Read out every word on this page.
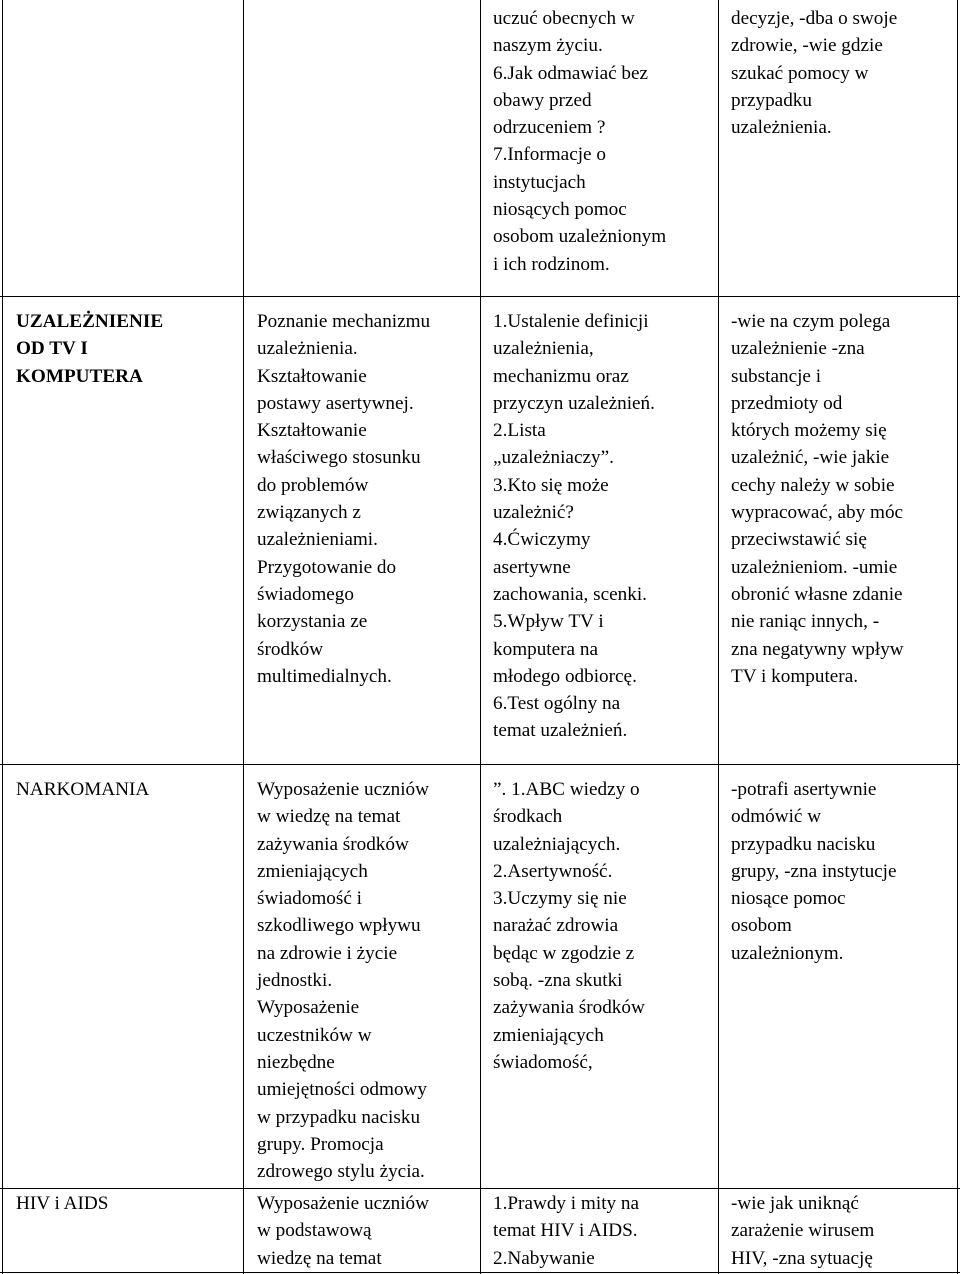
uczuć obecnych w
naszym życiu.
6.Jak odmawiać bez
obawy przed
odrzuceniem ?
7.Informacje o
instytucjach
niosących pomoc
osobom uzależnionym
i ich rodzinom.
decyzje, -dba o swoje
zdrowie, -wie gdzie
szukać pomocy w
przypadku
uzależnienia.
UZALEŻNIENIE
OD TV I
KOMPUTERA
Poznanie mechanizmu
uzależnienia.
Kształtowanie
postawy asertywnej.
Kształtowanie
właściwego stosunku
do problemów
związanych z
uzależnieniami.
Przygotowanie do
świadomego
korzystania ze
środków
multimedialnych.
1.Ustalenie definicji
uzależnienia,
mechanizmu oraz
przyczyn uzależnień.
2.Lista
„uzależniaczy”.
3.Kto się może
uzależnić?
4.Ćwiczymy
asertywne
zachowania, scenki.
5.Wpływ TV i
komputera na
młodego odbiorcę.
6.Test ogólny na
temat uzależnień.
-wie na czym polega
uzależnienie -zna
substancje i
przedmioty od
których możemy się
uzależnić, -wie jakie
cechy należy w sobie
wypracować, aby móc
przeciwstawić się
uzależnieniom. -umie
obronić własne zdanie
nie raniąc innych, -
zna negatywny wpływ
TV i komputera.
NARKOMANIA	Wyposażenie uczniów
w wiedzę na temat
zażywania środków
zmieniających
świadomość i
szkodliwego wpływu
na zdrowie i życie
jednostki.
Wyposażenie
uczestników w
niezbędne
umiejętności odmowy
w przypadku nacisku
grupy. Promocja
zdrowego stylu życia.
”. 1.ABC wiedzy o
środkach
uzależniających.
2.Asertywność.
3.Uczymy się nie
narażać zdrowia
będąc w zgodzie z
sobą. -zna skutki
zażywania środków
zmieniających
świadomość,
-potrafi asertywnie
odmówić w
przypadku nacisku
grupy, -zna instytucje
niosące pomoc
osobom
uzależnionym.
HIV i AIDS	Wyposażenie uczniów
w podstawową
wiedzę na temat
1.Prawdy i mity na
temat HIV i AIDS.
2.Nabywanie
-wie jak uniknąć
zarażenie wirusem
HIV, -zna sytuację
